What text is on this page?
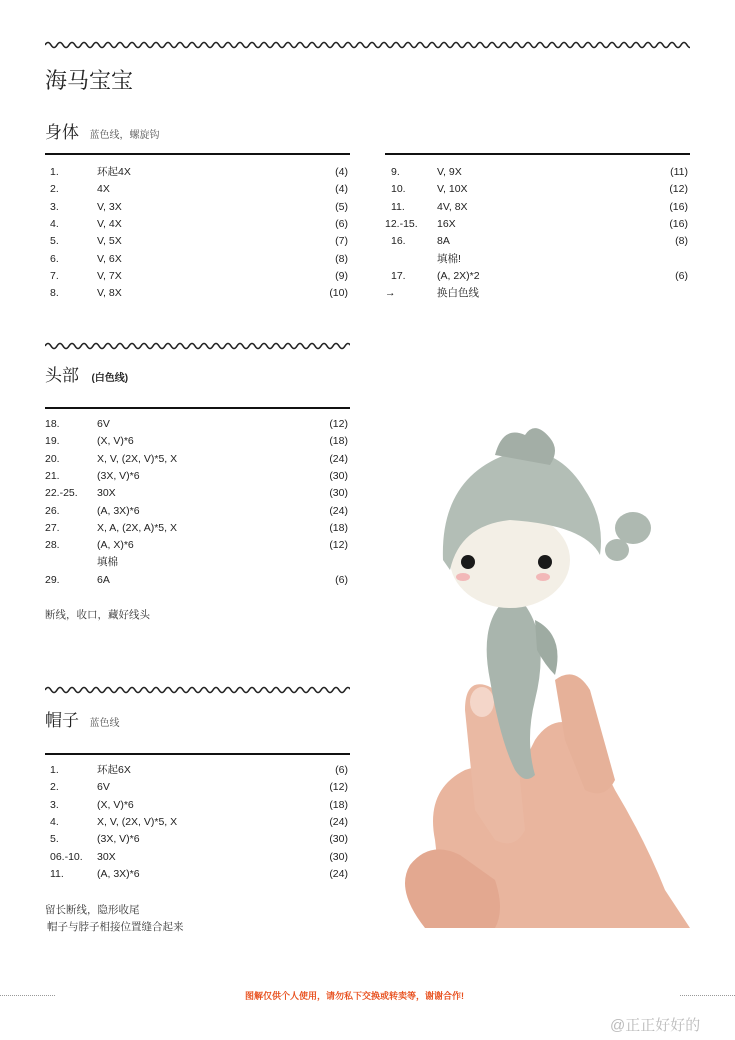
海马宝宝
身体 蓝色线，螺旋钩
1.	环起4X	(4)
2.	4X	(4)
3.	V, 3X	(5)
4.	V, 4X	(6)
5.	V, 5X	(7)
6.	V, 6X	(8)
7.	V, 7X	(9)
8.	V, 8X	(10)
9.	V, 9X	(11)
10.	V, 10X	(12)
11.	4V, 8X	(16)
12.-15. 16X	(16)
16.	8A	(8)
填棉!
17.	(A, 2X)*2	(6)
→	换白色线
头部 (白色线)
18.	6V	(12)
19.	(X, V)*6	(18)
20.	X, V, (2X, V)*5, X	(24)
21.	(3X, V)*6	(30)
22.-25. 30X	(30)
26.	(A, 3X)*6	(24)
27.	X, A, (2X, A)*5, X	(18)
28.	(A, X)*6	(12)
填棉
29.	6A	(6)
断线，收口，藏好线头
帽子 蓝色线
1.	环起6X	(6)
2.	6V	(12)
3.	(X, V)*6	(18)
4.	X, V, (2X, V)*5, X	(24)
5.	(3X, V)*6	(30)
06.-10. 30X	(30)
11.	(A, 3X)*6	(24)
留长断线，隐形收尾
帽子与脖子相接位置缝合起来
图解仅供个人使用，请勿私下交换或转卖等，谢谢合作!
@正正好好的
